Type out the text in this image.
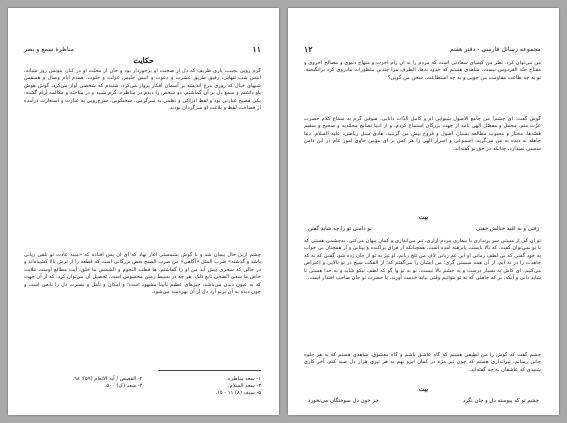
۱۱
مناظرهٔ سمع و بصر
حکایت

گرم رویی نجیب، یاری ظریف که دل از صحبت او برخوردار بود و جان از محبّت او در کنار، مونس روز شبانه، انیس شب تنهایی، رفیق طریق عشرت و دعوت و انیس جلیس عزلت و خلوت، همدم ایام وصال و همنفس شبهای خیال که روزی مرغ اندیشه بر آسمان افکار پرواز می‌کرد، شنیدم که شخصی آواز می‌کرد، گوش هوش باو داشتم و سمع دل بر آن گماشتم، دو شخص را دیدم در مناظره. گرم شنید و در مباحثه و مکالمه آرام گشته. یکی فصیح عبارتی بود و لفظ ادراکی و نظمی به سرگرمی، سخنگویی، سرخ‌رویی به عبارت و استعارت درآمده از فضاحت لفظ و بلاغت او سرگردان بودند.

چشم ازین حال پیمان شد و با گوش بشمستی آغاز نهاد که ای آن پس افتاده که «مینه عادت تو تلقی زیانی باشد و گذشته» ضرب المثل «آگاهی» من ضرب الصبح بعض بزرگانی است که قطعه را از ترش بالا کشیده‌اند و در حالی که سحری پیش آید من او را گماشتم. ها قطب النجوم و الشمس ما خلق، آیت مطالع اوست ملایت خاص ما سعی الضحی تابع ذلک. هر چه در بسیط زمین محسوس است، تحصیل آن می‌توان کرد، که از آن جهت که به عیون دیدن می‌باشد، چیزهای عظیم نایینا مشهود است؛ و امکان و تأمل و بصیرت دل را تابعی است و چون دیده به آن پرتو آرد دل از آن بهره‌مند می‌شود.

۱- سعد مناظره.
۲- القصص / آیه الانعام (۵۹)؛ ۹۸.
۳- سعد السلام.
۴- سعد (ک) ۵۰۰.
۵- سیف (۸) ۱۱ - ۱۵.
مجموعه رسائل فارسی - دفتر هفتم
۱۲

من می‌توان کرد. نظر من کیمیای سعادتی است که مردم را به آن زام آخرت و منهاج دنیوی و مصالح اخروی و مفتاح جنّه الفردوس نیست. شاهدی هستم که حدود نه‌ها، الطرف مرا چندین منظورات مادروی کرد برانگیخته. تو به چه طاعت مقاومت من جویی و به چه استطاعت، سخن من گویی؟

گوش گفت: ای چشم! من جامع الاصول شنوایی ام و کامل الذّات دانایی، صوفی گرم به سماع کلام حضرت عزّت متم. مجمل و مفصّل الهی نامه از جهت بزرگان استماع کردم، و از انبیا نصایح محمّدیه و صحیح و سقیم قصّه‌ها، مختار و محبوب مطالعه بسیار، اصول و فروع پیش من گزینید. هادی سبل ریاضی، علیه السلام، دنیا جاهله نه دیده به من می‌گرید. اسموعی و اسرار الهی را هر کس بر ای مؤمن حاوی امور عام در این دامن سستی نمیدارد، چنانکه در حق تو گفته‌اند.

بیت
رفتی و به امّید خیالش خفتی
تو دامنی تو را چه شاید گفتن

تو آن کی از مستی سر برنداری یا بیماری مردم آزاری، تیر می‌اندازی و کمان پنهان می‌کنی. بدچشمی هستی که نا تو نمی‌توان گفت. که بالا بایست پابرهنه آمده است. همچنانکه از فراق پراکنده و بیتابی و از همچنان بی خواب به خود گفتی که بی لطف زمانی او این غم زبانی لاف من تلخ زبانم، او نیز به تو از جان زده شو. گفتی که به که جاهدت را در نه آیم، از آن همه سستی گری؛ من ایشان را می‌گفتم که: از الفکت سیج در تو بالایی و اعتراض می‌کنیم. ای کاش به بسیار درست و به خشم بالا نیست. تو به تو وا گو که لطف نیکو شاید و به خدا هستی تا شاید دانی و آنکه، بر که جاهلی که به تو بتوانیم وقتی بیاید خدمت آورند، با حضرت تو جان صاحب افتدار است.

چشم گفت که گوش را من لطیفی هستم که گاه عاشق باشم و گاه معشوق. شاهدی هستم که به هر حلوه جانی رسانم. تیراندازی هستم که چون تیر مژه در کمان ابرو نهم به هر تیری هزار دل صید کنم. آخر کاری شنیدی که عاشقان به چه گفته‌اند.

بیت
چشم تو که پیوسته دل و جان نگرد
جز خون دل سوختگان می‌نخورد
